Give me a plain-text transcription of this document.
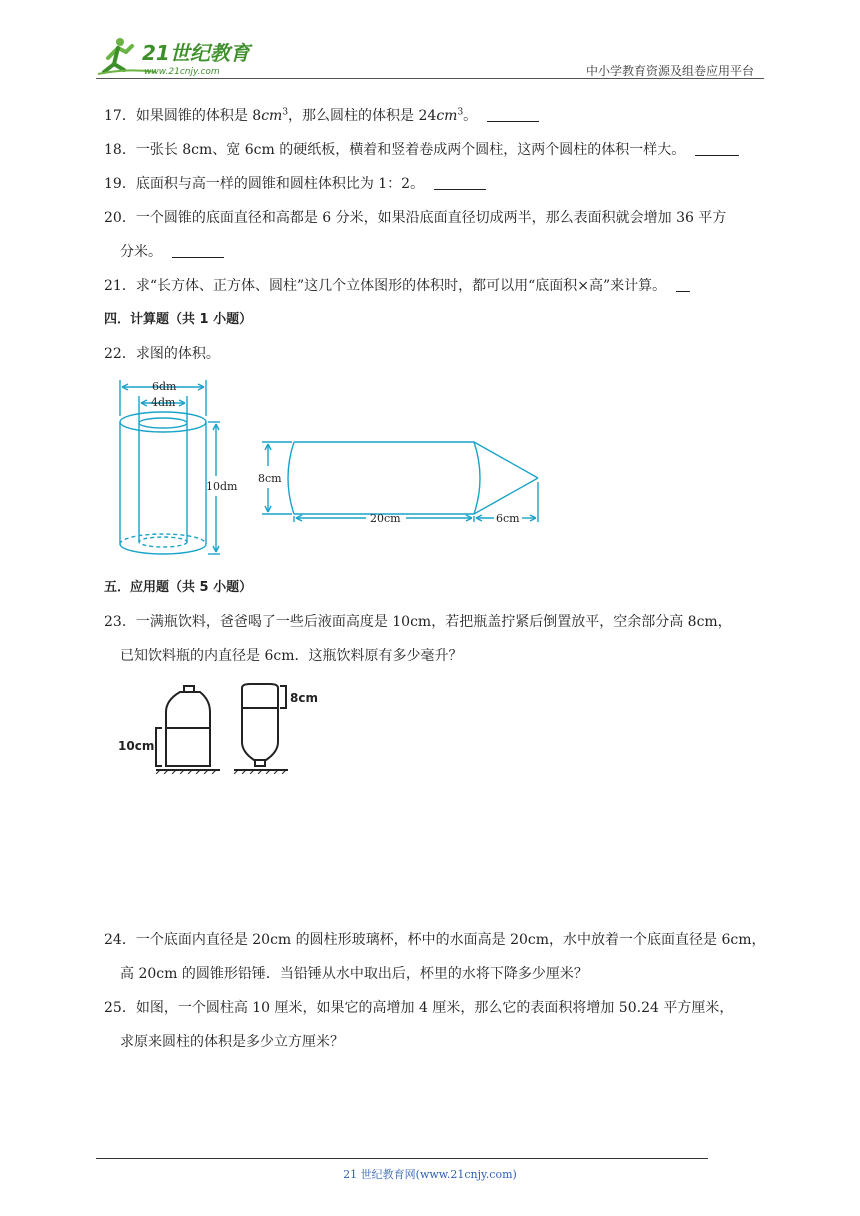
21世纪教育
www.21cnjy.com	中小学教育资源及组卷应用平台
17．如果圆锥的体积是 $8cm^3$，那么圆柱的体积是 $24cm^3$。
18．一张长 8cm、宽 6cm 的硬纸板，横着和竖着卷成两个圆柱，这两个圆柱的体积一样大。
19．底面积与高一样的圆锥和圆柱体积比为 1：2。
20．一个圆锥的底面直径和高都是 6 分米，如果沿底面直径切成两半，那么表面积就会增加 36 平方
分米。
21．求“长方体、正方体、圆柱”这几个立体图形的体积时，都可以用“底面积×高”来计算。
四．计算题（共 1 小题）
22．求图的体积。
6dm
4dm
10dm
8cm
20cm	6cm
五．应用题（共 5 小题）
23．一满瓶饮料，爸爸喝了一些后液面高度是 10cm，若把瓶盖拧紧后倒置放平，空余部分高 8cm，
已知饮料瓶的内直径是 6cm．这瓶饮料原有多少毫升？
10cm
8cm
24．一个底面内直径是 20cm 的圆柱形玻璃杯，杯中的水面高是 20cm，水中放着一个底面直径是 6cm，
高 20cm 的圆锥形铅锤．当铅锤从水中取出后，杯里的水将下降多少厘米？
25．如图，一个圆柱高 10 厘米，如果它的高增加 4 厘米，那么它的表面积将增加 50.24 平方厘米，
求原来圆柱的体积是多少立方厘米？
21 世纪教育网(www.21cnjy.com)
